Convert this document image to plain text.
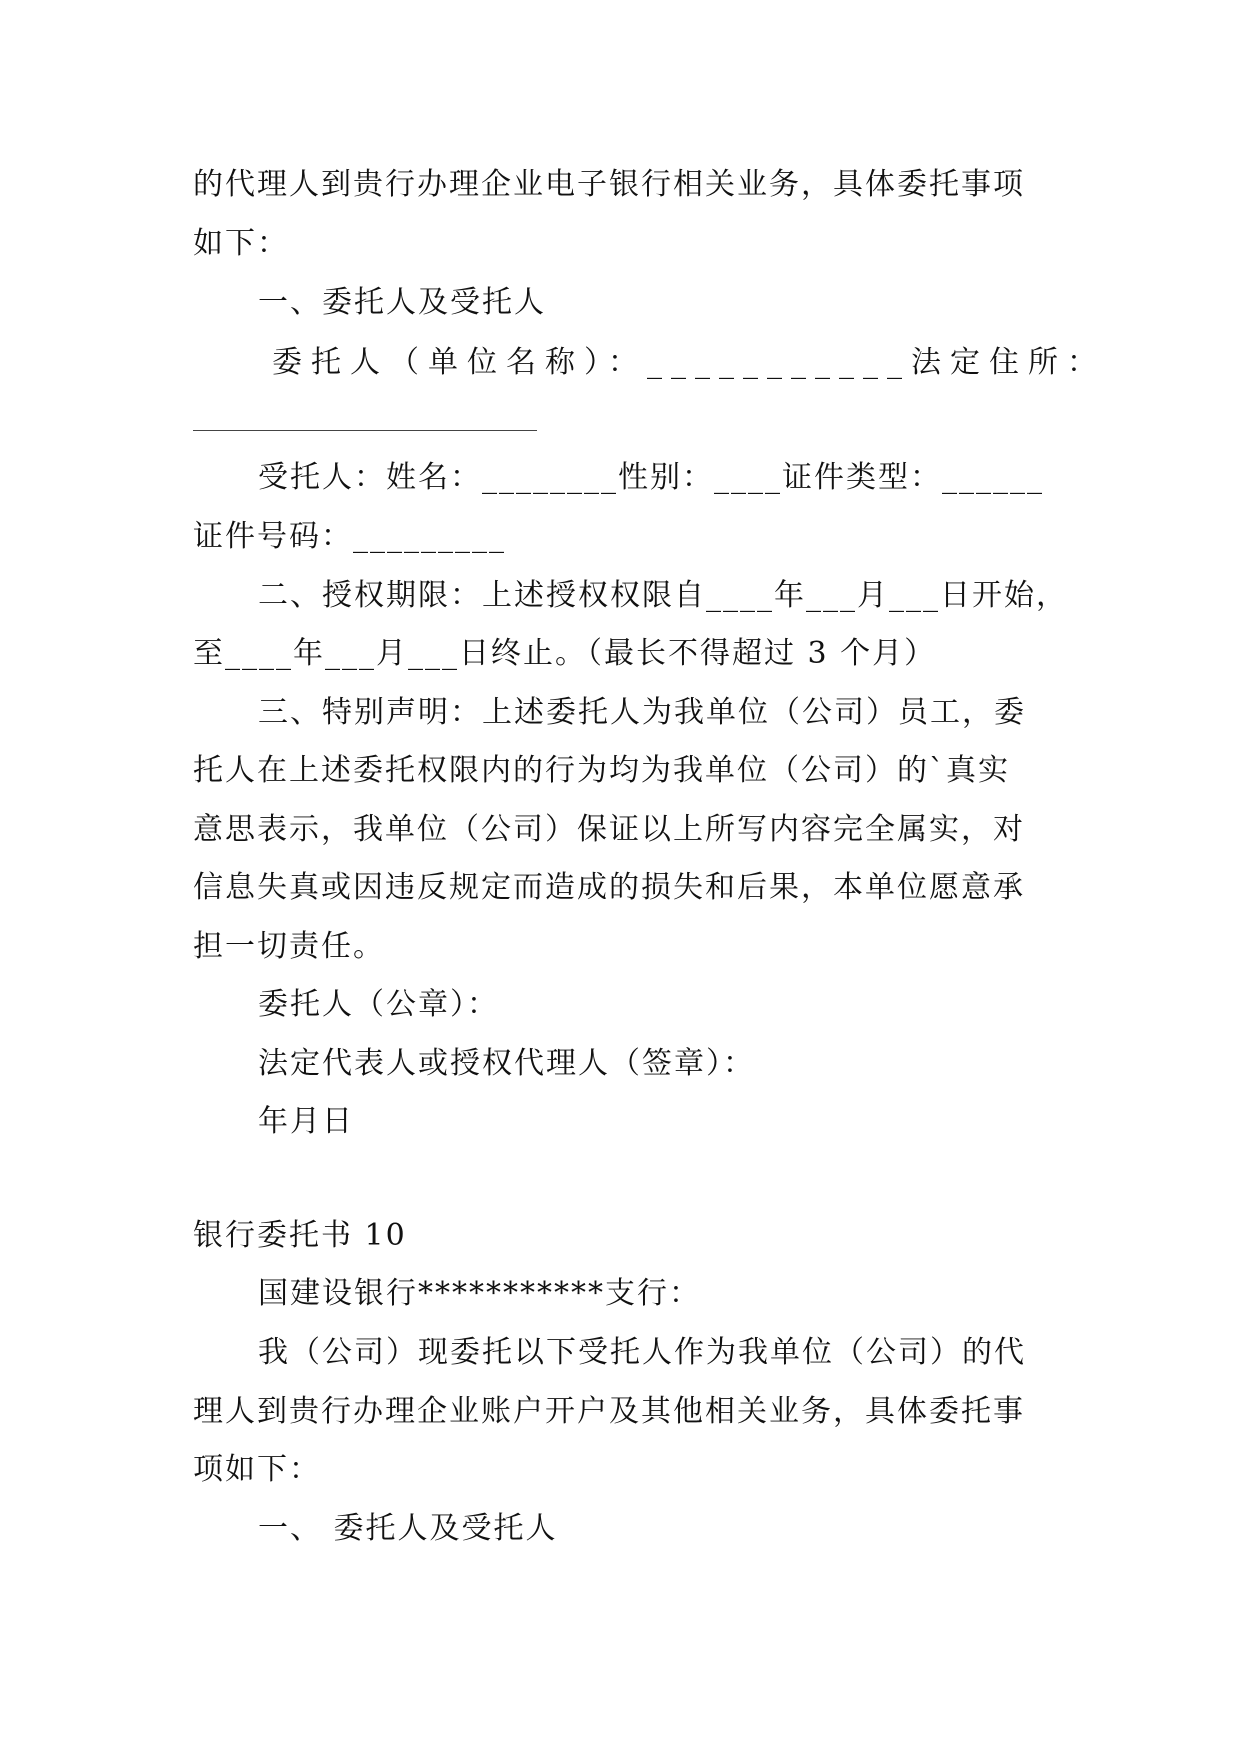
的代理人到贵行办理企业电子银行相关业务，具体委托事项
如下：
一、委托人及受托人
委托人（单位名称）：___________法定住所：
受托人：姓名：________性别：____证件类型：______
证件号码：_________
二、授权期限：上述授权权限自____年___月___日开始，
至____年___月___日终止。（最长不得超过 3 个月）
三、特别声明：上述委托人为我单位（公司）员工，委
托人在上述委托权限内的行为均为我单位（公司）的`真实
意思表示，我单位（公司）保证以上所写内容完全属实，对
信息失真或因违反规定而造成的损失和后果，本单位愿意承
担一切责任。
委托人（公章）：
法定代表人或授权代理人（签章）：
年月日
银行委托书 10
国建设银行***********支行：
我（公司）现委托以下受托人作为我单位（公司）的代
理人到贵行办理企业账户开户及其他相关业务，具体委托事
项如下：
一、 委托人及受托人
